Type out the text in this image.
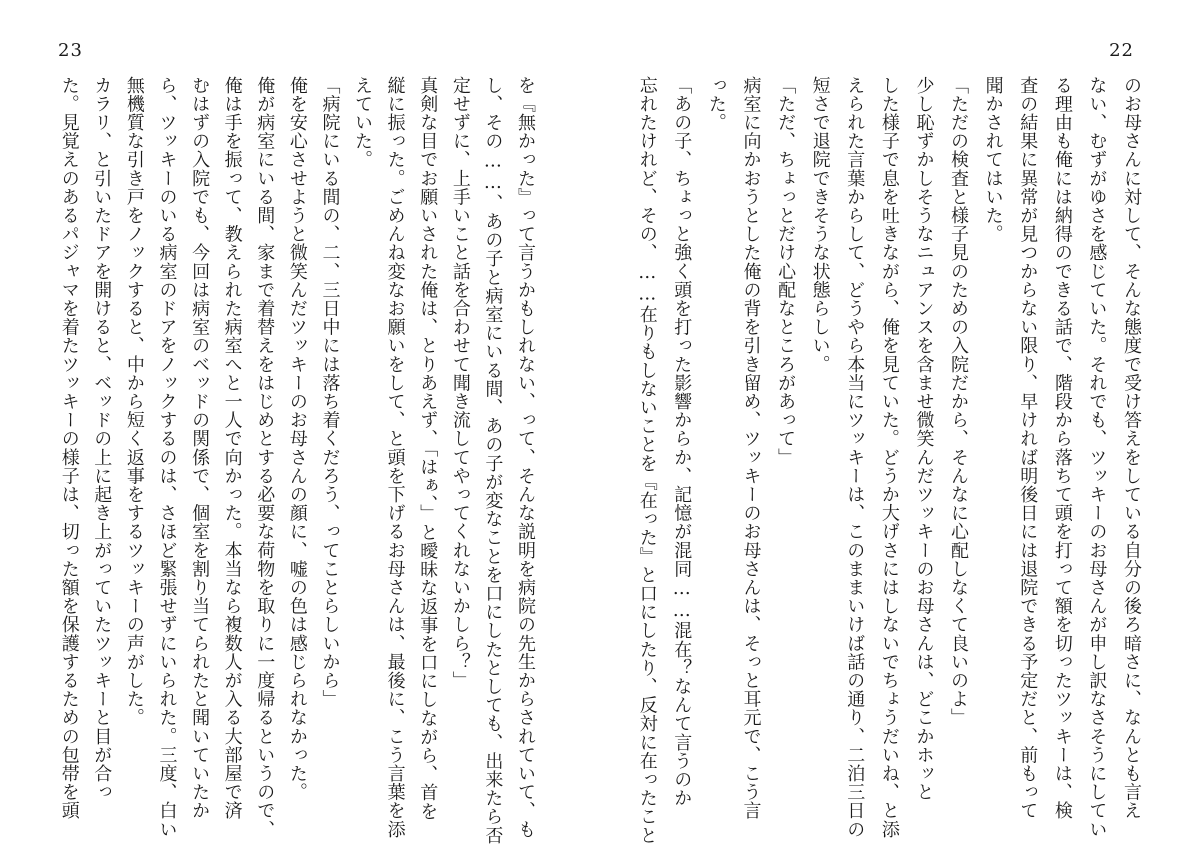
23	22
のお母さんに対して、そんな態度で受け答えをしている自分の後ろ暗さに、なんとも言え
ない、むずがゆさを感じていた。それでも、ツッキーのお母さんが申し訳なさそうにしてい
る理由も俺には納得のできる話で、階段から落ちて頭を打って額を切ったツッキーは、検
査の結果に異常が見つからない限り、早ければ明後日には退院できる予定だと、前もって
聞かされてはいた。
「ただの検査と様子見のための入院だから、そんなに心配しなくて良いのよ」
少し恥ずかしそうなニュアンスを含ませ微笑んだツッキーのお母さんは、どこかホッと
した様子で息を吐きながら、俺を見ていた。どうか大げさにはしないでちょうだいね、と添
えられた言葉からして、どうやら本当にツッキーは、このままいけば話の通り、二泊三日の
短さで退院できそうな状態らしい。
「ただ、ちょっとだけ心配なところがあって」
病室に向かおうとした俺の背を引き留め、ツッキーのお母さんは、そっと耳元で、こう言
った。
「あの子、ちょっと強く頭を打った影響からか、記憶が混同……混在？なんて言うのか
忘れたけれど、その、……在りもしないことを『在った』と口にしたり、反対に在ったこと
を『無かった』って言うかもしれない、って、そんな説明を病院の先生からされていて、も
し、その……、あの子と病室にいる間、あの子が変なことを口にしたとしても、出来たら否
定せずに、上手いこと話を合わせて聞き流してやってくれないかしら？」
真剣な目でお願いされた俺は、とりあえず、「はぁ、」と曖昧な返事を口にしながら、首を
縦に振った。ごめんね変なお願いをして、と頭を下げるお母さんは、最後に、こう言葉を添
えていた。
「病院にいる間の、二、三日中には落ち着くだろう、ってことらしいから」
俺を安心させようと微笑んだツッキーのお母さんの顔に、嘘の色は感じられなかった。
俺が病室にいる間、家まで着替えをはじめとする必要な荷物を取りに一度帰るというので、
俺は手を振って、教えられた病室へと一人で向かった。本当なら複数人が入る大部屋で済
むはずの入院でも、今回は病室のベッドの関係で、個室を割り当てられたと聞いていたか
ら、ツッキーのいる病室のドアをノックするのは、さほど緊張せずにいられた。三度、白い
無機質な引き戸をノックすると、中から短く返事をするツッキーの声がした。
カラリ、と引いたドアを開けると、ベッドの上に起き上がっていたツッキーと目が合っ
た。見覚えのあるパジャマを着たツッキーの様子は、切った額を保護するための包帯を頭
